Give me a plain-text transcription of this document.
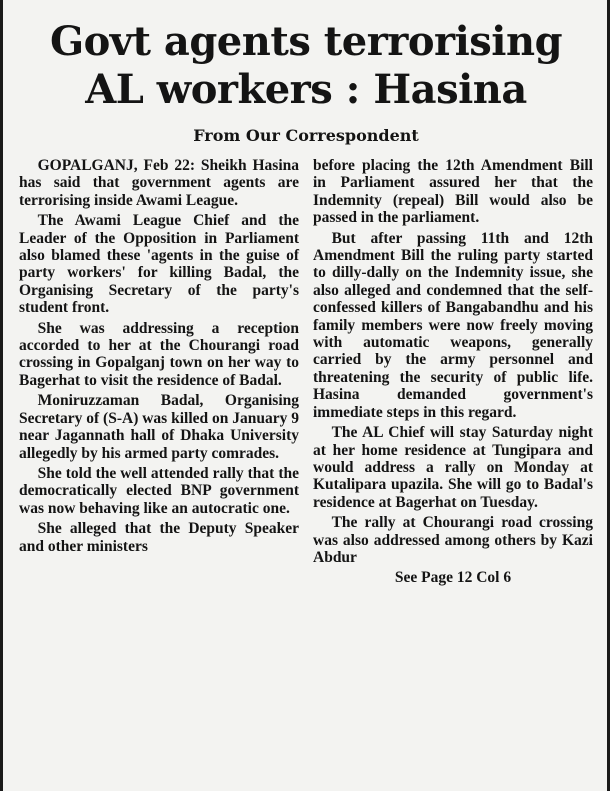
Govt agents terrorising
AL workers : Hasina
From Our Correspondent

GOPALGANJ, Feb 22: Sheikh Hasina has said that government agents are terrorising inside Awami League.

The Awami League Chief and the Leader of the Opposition in Parliament also blamed these 'agents in the guise of party workers' for killing Badal, the Organising Secretary of the party's student front.

She was addressing a reception accorded to her at the Chourangi road crossing in Gopalganj town on her way to Bagerhat to visit the residence of Badal.

Moniruzzaman Badal, Organising Secretary of (S-A) was killed on January 9 near Jagannath hall of Dhaka University allegedly by his armed party comrades.

She told the well attended rally that the democratically elected BNP government was now behaving like an autocratic one.

She alleged that the Deputy Speaker and other ministers

before placing the 12th Amendment Bill in Parliament assured her that the Indemnity (repeal) Bill would also be passed in the parliament.

But after passing 11th and 12th Amendment Bill the ruling party started to dilly-dally on the Indemnity issue, she also alleged and condemned that the self-confessed killers of Bangabandhu and his family members were now freely moving with automatic weapons, generally carried by the army personnel and threatening the security of public life. Hasina demanded government's immediate steps in this regard.

The AL Chief will stay Saturday night at her home residence at Tungipara and would address a rally on Monday at Kutalipara upazila. She will go to Badal's residence at Bagerhat on Tuesday.

The rally at Chourangi road crossing was also addressed among others by Kazi Abdur

See Page 12 Col 6
